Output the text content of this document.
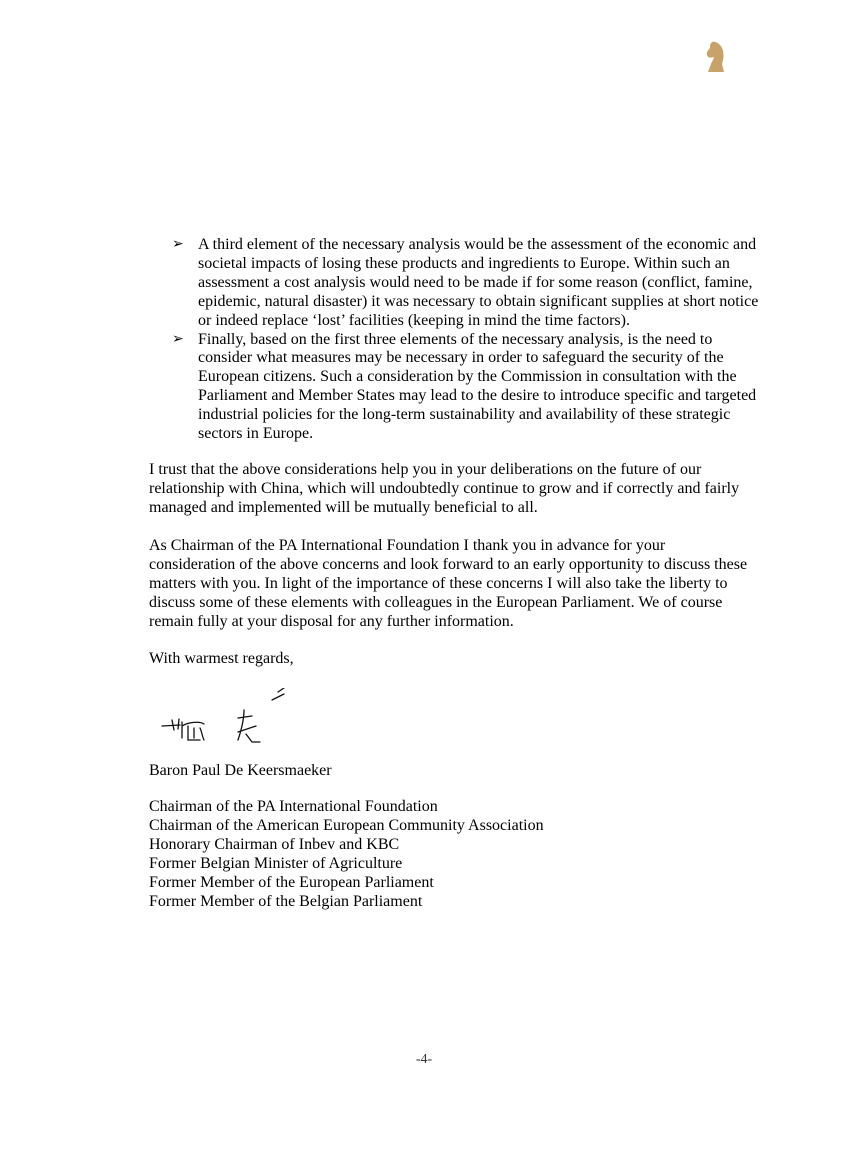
➢ A third element of the necessary analysis would be the assessment of the economic and societal impacts of losing these products and ingredients to Europe. Within such an assessment a cost analysis would need to be made if for some reason (conflict, famine, epidemic, natural disaster) it was necessary to obtain significant supplies at short notice or indeed replace ‘lost’ facilities (keeping in mind the time factors).
➢ Finally, based on the first three elements of the necessary analysis, is the need to consider what measures may be necessary in order to safeguard the security of the European citizens. Such a consideration by the Commission in consultation with the Parliament and Member States may lead to the desire to introduce specific and targeted industrial policies for the long-term sustainability and availability of these strategic sectors in Europe.

I trust that the above considerations help you in your deliberations on the future of our relationship with China, which will undoubtedly continue to grow and if correctly and fairly managed and implemented will be mutually beneficial to all.

As Chairman of the PA International Foundation I thank you in advance for your consideration of the above concerns and look forward to an early opportunity to discuss these matters with you. In light of the importance of these concerns I will also take the liberty to discuss some of these elements with colleagues in the European Parliament. We of course remain fully at your disposal for any further information.

With warmest regards,

Baron Paul De Keersmaeker

Chairman of the PA International Foundation
Chairman of the American European Community Association
Honorary Chairman of Inbev and KBC
Former Belgian Minister of Agriculture
Former Member of the European Parliament
Former Member of the Belgian Parliament
-4-
